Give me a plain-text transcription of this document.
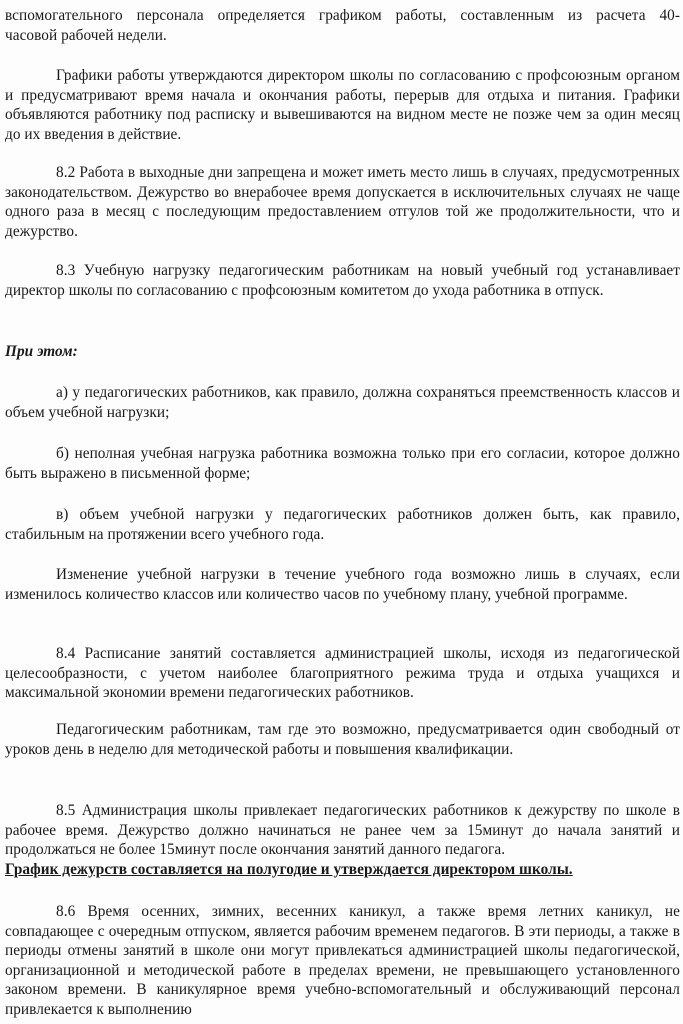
вспомогательного персонала определяется графиком работы, составленным из расчета 40-
часовой рабочей недели.

Графики работы утверждаются директором школы по согласованию с профсоюзным органом и предусматривают время начала и окончания работы, перерыв для отдыха и питания. Графики объявляются работнику под расписку и вывешиваются на видном месте не позже чем за один месяц до их введения в действие.

8.2 Работа в выходные дни запрещена и может иметь место лишь в случаях, предусмотренных законодательством. Дежурство во внерабочее время допускается в исключительных случаях не чаще одного раза в месяц с последующим предоставлением отгулов той же продолжительности, что и дежурство.

8.3 Учебную нагрузку педагогическим работникам на новый учебный год устанавливает директор школы по согласованию с профсоюзным комитетом до ухода работника в отпуск.

При этом:

а) у педагогических работников, как правило, должна сохраняться преемственность классов и объем учебной нагрузки;

б) неполная учебная нагрузка работника возможна только при его согласии, которое должно быть выражено в письменной форме;

в) объем учебной нагрузки у педагогических работников должен быть, как правило, стабильным на протяжении всего учебного года.

Изменение учебной нагрузки в течение учебного года возможно лишь в случаях, если изменилось количество классов или количество часов по учебному плану, учебной программе.

8.4 Расписание занятий составляется администрацией школы, исходя из педагогической целесообразности, с учетом наиболее благоприятного режима труда и отдыха учащихся и максимальной экономии времени педагогических работников.

Педагогическим работникам, там где это возможно, предусматривается один свободный от уроков день в неделю для методической работы и повышения квалификации.

8.5 Администрация школы привлекает педагогических работников к дежурству по школе в рабочее время. Дежурство должно начинаться не ранее чем за 15минут до начала занятий и продолжаться не более 15минут после окончания занятий данного педагога.

График дежурств составляется на полугодие и утверждается директором школы.

8.6 Время осенних, зимних, весенних каникул, а также время летних каникул, не совпадающее с очередным отпуском, является рабочим временем педагогов. В эти периоды, а также в периоды отмены занятий в школе они могут привлекаться администрацией школы педагогической, организационной и методической работе в пределах времени, не превышающего установленного законом времени. В каникулярное время учебно-вспомогательный и обслуживающий персонал привлекается к выполнению
